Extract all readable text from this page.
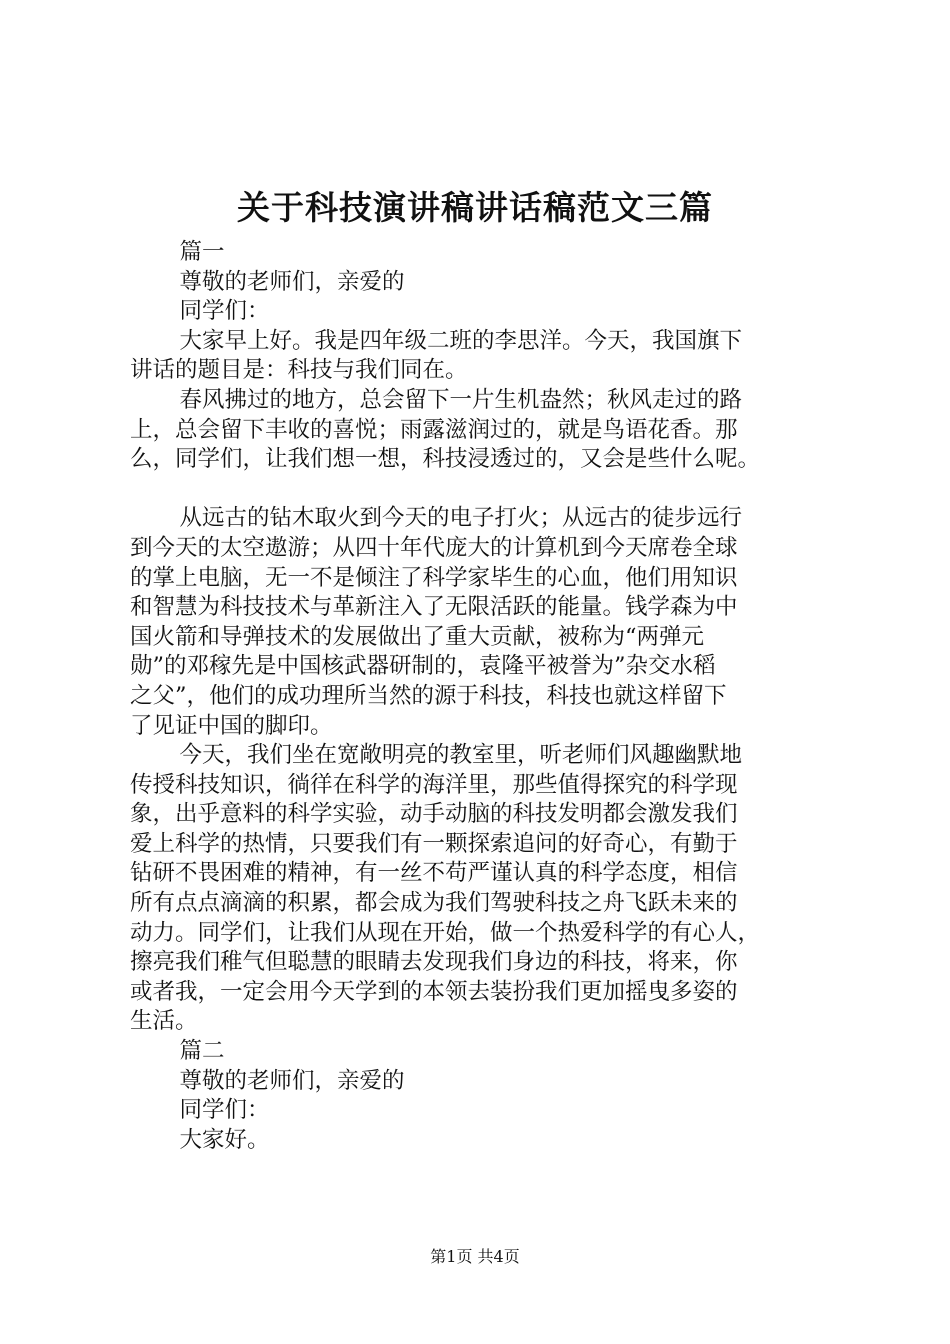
关于科技演讲稿讲话稿范文三篇
篇一
尊敬的老师们，亲爱的
同学们：
大家早上好。我是四年级二班的李思洋。今天，我国旗下
讲话的题目是：科技与我们同在。
春风拂过的地方，总会留下一片生机盎然；秋风走过的路
上，总会留下丰收的喜悦；雨露滋润过的，就是鸟语花香。那
么，同学们，让我们想一想，科技浸透过的，又会是些什么呢。
从远古的钻木取火到今天的电子打火；从远古的徒步远行
到今天的太空遨游；从四十年代庞大的计算机到今天席卷全球
的掌上电脑，无一不是倾注了科学家毕生的心血，他们用知识
和智慧为科技技术与革新注入了无限活跃的能量。钱学森为中
国火箭和导弹技术的发展做出了重大贡献，被称为“两弹元
勋”的邓稼先是中国核武器研制的，袁隆平被誉为”杂交水稻
之父”，他们的成功理所当然的源于科技，科技也就这样留下
了见证中国的脚印。
今天，我们坐在宽敞明亮的教室里，听老师们风趣幽默地
传授科技知识，徜徉在科学的海洋里，那些值得探究的科学现
象，出乎意料的科学实验，动手动脑的科技发明都会激发我们
爱上科学的热情，只要我们有一颗探索追问的好奇心，有勤于
钻研不畏困难的精神，有一丝不苟严谨认真的科学态度，相信
所有点点滴滴的积累，都会成为我们驾驶科技之舟飞跃未来的
动力。同学们，让我们从现在开始，做一个热爱科学的有心人，
擦亮我们稚气但聪慧的眼睛去发现我们身边的科技，将来，你
或者我，一定会用今天学到的本领去装扮我们更加摇曳多姿的
生活。
篇二
尊敬的老师们，亲爱的
同学们：
大家好。
第1页 共4页
